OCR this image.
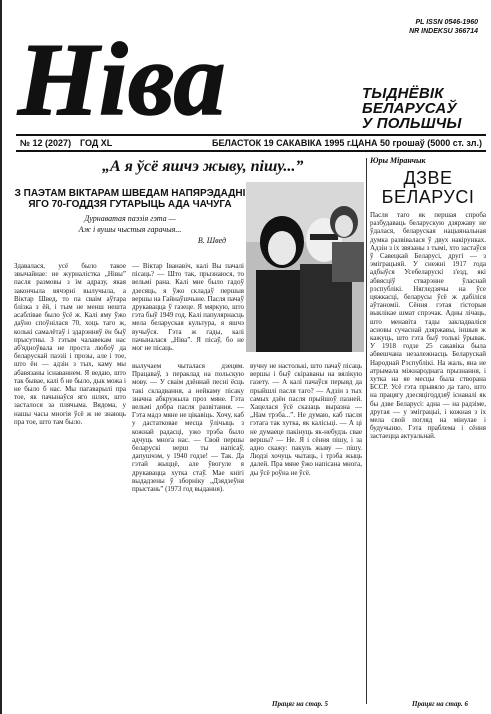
Ніва	PL ISSN 0546-1960
NR INDEKSU 366714
ТЫДНЁВІК
БЕЛАРУСАЎ
У ПОЛЬШЧЫ
№ 12 (2027) ГОД XL	БЕЛАСТОК 19 САКАВІКА 1995 г. ЦАНА 50 грошаў (5000 ст. зл.)
„А я ўсё яшчэ жыву, пішу...”
З ПАЭТАМ ВІКТАРАМ ШВЕДАМ НАПЯРЭДАДНІ ЯГО 70-ГОДДЗЯ ГУТАРЫЦЬ АДА ЧАЧУГА
Дурнаватая паэзія гэта —
Аж і вушы чыстыя гарачыя...
В. Швед
Здавалася, усё было такое звычайнае: не журналістка „Нівы” пасля размовы з ім адразу, якая закончыла вячэрні вылучыла, а Віктар Швед, то па сваім аўтара блізка з ёй, і тым не менш нешта асаблівае было ўсё ж. Калі яму ўжо даўно споўнілася 70, хоць таго ж, колькі самалётаў і здарэнняў ён быў прысутны. З гэтым чалавекам нас аб'ядноўвала не проста любоў да беларускай паэзіі і прозы, але і тое, што ён — адзін з тых, каму мы абавязаны існаваннем. Я ведаю, што так бывае, калі б не было, дык можа і не было б нас. Мы пагаварылі пра тое, як пачынаўся яго шлях, што засталося за плячыма. Вядома, у нашы часы многія ўсё ж не знаюць пра тое, што там было.
— Віктар Іванавіч, калі Вы пачалі пісаць? — Што так, прызнаюся, то вельмі рана. Калі мне было гадоў дзесяць, я ўжо складаў першыя вершы на Гайнаўшчыне. Пасля пачаў друкавацца ў газеце. Я мяркую, што гэта быў 1949 год. Калі папулярнасць мела беларуская культура, я яшчэ вучыўся. Гэта ж гады, калі пачыналася „Ніва”. Я пісаў, бо не мог не пісаць.
вылучаем чыталася дзецям. Працаваў, з пераклад на польскую мову. — У сваім дзённай песні ёсць такі складвання, а нейкаму пісаку значна абкружыла проз мяне. Гэта вельмі добра пасля развітання. — Гэта мадэ мяне не цікавіць. Хочу, каб у дастатковае месца ўлічыць з кожнай радасці, ужо трэба было адчуць многа нас. — Свой першы беларускі верш ты напісаў, дапушчэм, у 1940 годзе! — Так. Да гэтай жыццё, але ўвогуле я друкавацца хутка стаў. Мае кнігі выдадзены ў зборніку „Дзядзеўня прыстань” (1973 год выдання).
вучну не настолькі, што пачаў пісаць вершы і быў скіраваны на вялікую газету. — А калі пачаўся перыяд да прыйшлі пасля таго? — Адзін з тых самых дзён пасля прыйшоў пазней. Хацелася ўсё сказаць выразна — „Нам трэба...”. Не думаю, каб пасля гэтага так хутка, як калісьці. — А ці не думаеце пакінуць як-небудзь свае вершы? — Не. Я і сёння пішу, і за адно скажу: пакуль жыву — пішу. Людзі хочуць чытаць, і трэба жыць далей. Пра мяне ўжо напісана многа, ды ўсё роўна не ўсё.
Працяг на стар. 5
Юры Міранчык
ДЗВЕ
БЕЛАРУСІ
Пасля таго як першая спроба разбудаваць беларускую дзяржаву не ўдалася, беларуская нацыянальная думка развівалася ў двух накірунках. Адзін з іх звязаны з тымі, хто застаўся ў Савецкай Беларусі, другі — з эміграцыяй. У снежні 1917 года адбыўся Усебеларускі з'езд, які абвясціў стварэнне ўласнай рэспублікі. Нягледзячы на ўсе цяжкасці, беларусы ўсё ж дабіліся аўтаноміі. Сёння гэтая гісторыя выклікае шмат спрэчак. Адны лічаць, што менавіта тады закладваліся асновы сучаснай дзяржавы, іншыя ж кажуць, што гэта быў толькі ўрывак. У 1918 годзе 25 сакавіка была абвешчана незалежнасць Беларускай Народнай Рэспублікі. На жаль, яна не атрымала міжнароднага прызнання, і хутка на яе месцы была створана БССР. Усё гэта прывяло да таго, што на працягу дзесяцігоддзяў існавалі як бы дзве Беларусі: адна — на радзіме, другая — у эміграцыі, і кожная з іх мела свой погляд на мінулае і будучыню. Гэта праблема і сёння застаецца актуальнай.
Працяг на стар. 6
